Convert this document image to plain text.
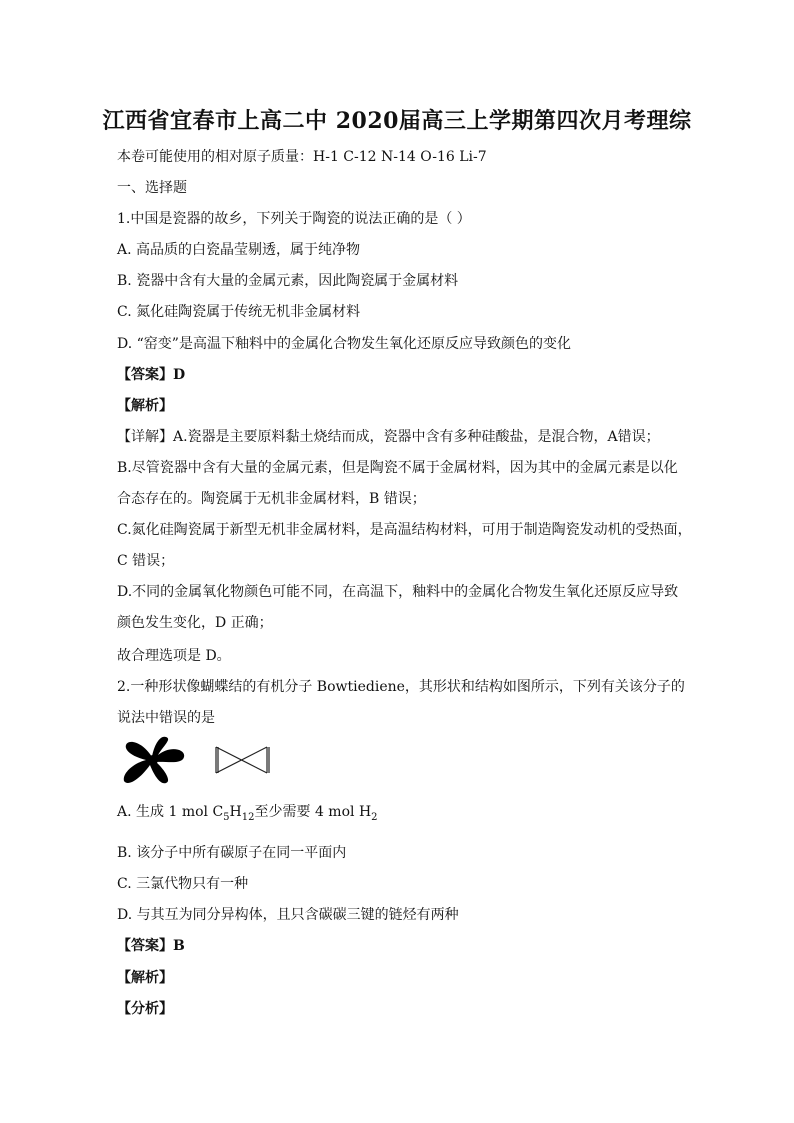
江西省宜春市上高二中 2020届高三上学期第四次月考理综
本卷可能使用的相对原子质量：H-1 C-12 N-14 O-16 Li-7
一、选择题
1.中国是瓷器的故乡，下列关于陶瓷的说法正确的是（ ）
A. 高品质的白瓷晶莹剔透，属于纯净物
B. 瓷器中含有大量的金属元素，因此陶瓷属于金属材料
C. 氮化硅陶瓷属于传统无机非金属材料
D. “窑变”是高温下釉料中的金属化合物发生氧化还原反应导致颜色的变化
【答案】D
【解析】
【详解】A.瓷器是主要原料黏土烧结而成，瓷器中含有多种硅酸盐，是混合物，A错误；
B.尽管瓷器中含有大量的金属元素，但是陶瓷不属于金属材料，因为其中的金属元素是以化
合态存在的。陶瓷属于无机非金属材料，B 错误；
C.氮化硅陶瓷属于新型无机非金属材料，是高温结构材料，可用于制造陶瓷发动机的受热面，
C 错误；
D.不同的金属氧化物颜色可能不同，在高温下，釉料中的金属化合物发生氧化还原反应导致
颜色发生变化，D 正确；
故合理选项是 D。
2.一种形状像蝴蝶结的有机分子 Bowtiediene，其形状和结构如图所示，下列有关该分子的
说法中错误的是
A. 生成 1 mol $C_5H_{12}$至少需要 4 mol $H_2$
B. 该分子中所有碳原子在同一平面内
C. 三氯代物只有一种
D. 与其互为同分异构体，且只含碳碳三键的链烃有两种
【答案】B
【解析】
【分析】
